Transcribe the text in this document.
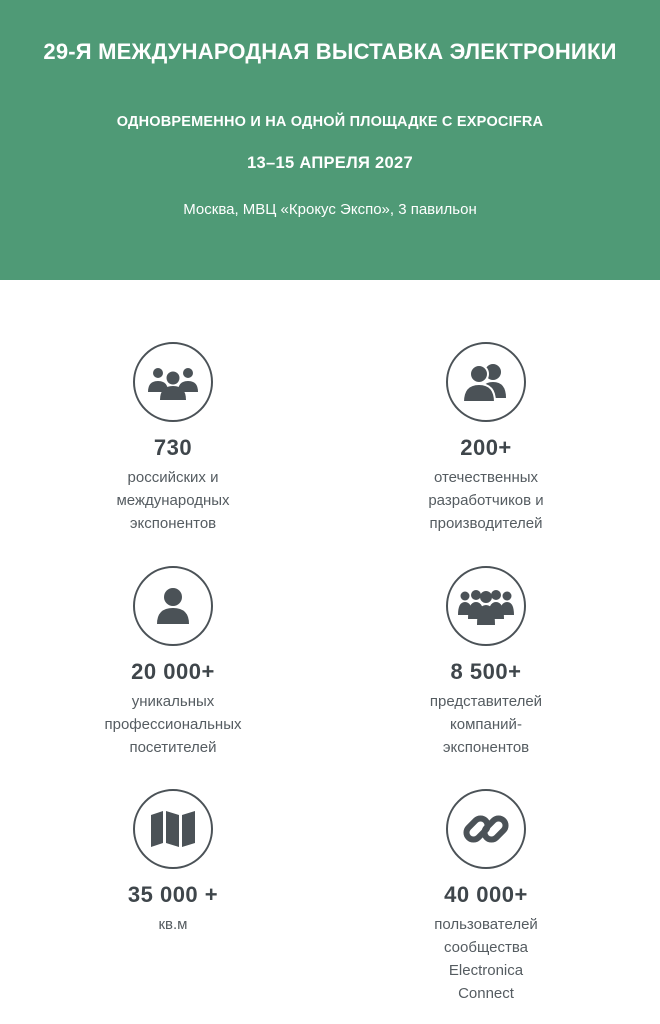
29-Я МЕЖДУНАРОДНАЯ ВЫСТАВКА ЭЛЕКТРОНИКИ
ОДНОВРЕМЕННО И НА ОДНОЙ ПЛОЩАДКЕ С EXPOCIFRA
13–15 АПРЕЛЯ 2027
Москва, МВЦ «Крокус Экспо», 3 павильон
730
российских и
международных
экспонентов
200+
отечественных
разработчиков и
производителей
20 000+
уникальных
профессиональных
посетителей
8 500+
представителей
компаний-
экспонентов
35 000 +
кв.м
40 000+
пользователей
сообщества
Electronica
Connect
